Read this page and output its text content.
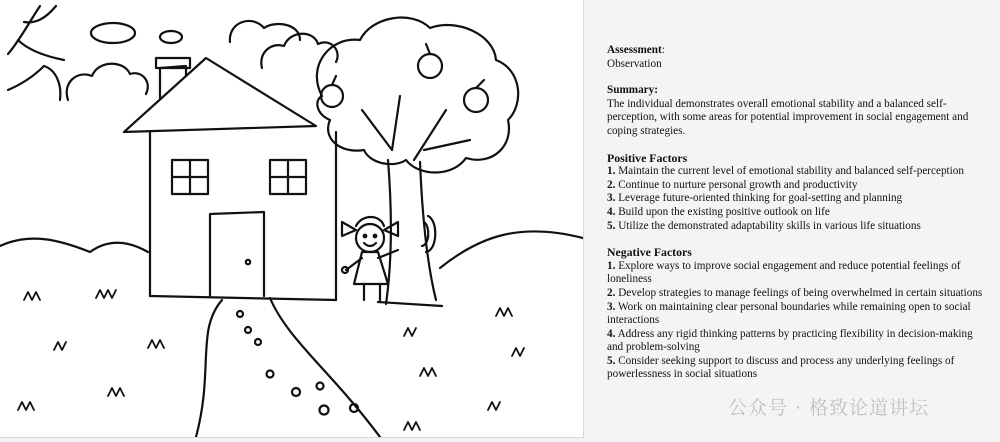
Assessment:
Observation
Summary:
The individual demonstrates overall emotional stability and a balanced self-perception, with some areas for potential improvement in social engagement and coping strategies.
Positive Factors
1. Maintain the current level of emotional stability and balanced self-perception
2. Continue to nurture personal growth and productivity
3. Leverage future-oriented thinking for goal-setting and planning
4. Build upon the existing positive outlook on life
5. Utilize the demonstrated adaptability skills in various life situations
Negative Factors
1. Explore ways to improve social engagement and reduce potential feelings of loneliness
2. Develop strategies to manage feelings of being overwhelmed in certain situations
3. Work on maintaining clear personal boundaries while remaining open to social interactions
4. Address any rigid thinking patterns by practicing flexibility in decision-making and problem-solving
5. Consider seeking support to discuss and process any underlying feelings of powerlessness in social situations
公众号 · 格致论道讲坛
